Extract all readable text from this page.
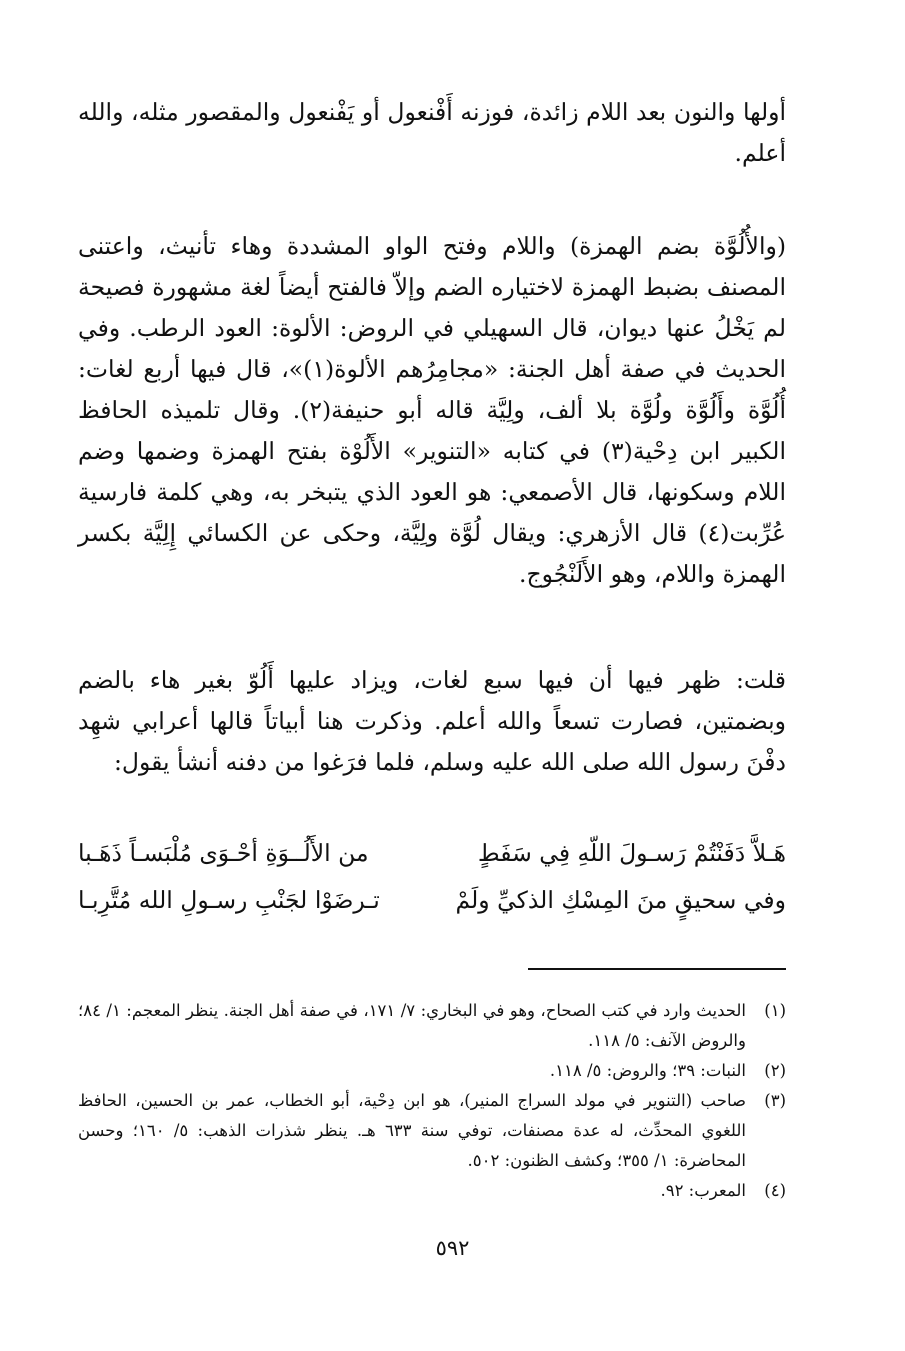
أولها والنون بعد اللام زائدة، فوزنه أَفْنعول أو يَفْنعول والمقصور مثله، والله أعلم.

(والأُلُوَّة بضم الهمزة) واللام وفتح الواو المشددة وهاء تأنيث، واعتنى المصنف بضبط الهمزة لاختياره الضم وإلاّ فالفتح أيضاً لغة مشهورة فصيحة لم يَخْلُ عنها ديوان، قال السهيلي في الروض: الألوة: العود الرطب. وفي الحديث في صفة أهل الجنة: «مجامِرُهم الألوة(١)»، قال فيها أربع لغات: أُلُوَّة وأَلُوَّة ولُوَّة بلا ألف، ولِيَّة قاله أبو حنيفة(٢). وقال تلميذه الحافظ الكبير ابن دِحْية(٣) في كتابه «التنوير» الأَلُوْة بفتح الهمزة وضمها وضم اللام وسكونها، قال الأصمعي: هو العود الذي يتبخر به، وهي كلمة فارسية عُرِّبت(٤) قال الأزهري: ويقال لُوَّة ولِيَّة، وحكى عن الكسائي إِلِيَّة بكسر الهمزة واللام، وهو الأَلَنْجُوج.

قلت: ظهر فيها أن فيها سبع لغات، ويزاد عليها أَلُوّ بغير هاء بالضم وبضمتين، فصارت تسعاً والله أعلم. وذكرت هنا أبياتاً قالها أعرابي شهِد دفْنَ رسول الله صلى الله عليه وسلم، فلما فرَغوا من دفنه أنشأ يقول:

هَـلاَّ دَفَنْتُمْ رَسـولَ اللّهِ فِي سَفَطٍ
من الأَلُــوَةِ أحْـوَى مُلْبَسـاً ذَهَـبا
وفي سحيقٍ منَ المِسْكِ الذكيِّ ولَمْ
تـرضَوْا لجَنْبِ رسـولِ الله مُتَّرِبـا
(١)
الحديث وارد في كتب الصحاح، وهو في البخاري: ٧/ ١٧١، في صفة أهل الجنة. ينظر المعجم: ١/ ٨٤؛ والروض الآنف: ٥/ ١١٨.
(٢)
النبات: ٣٩؛ والروض: ٥/ ١١٨.
(٣)
صاحب (التنوير في مولد السراج المنير)، هو ابن دِحْية، أبو الخطاب، عمر بن الحسين، الحافظ اللغوي المحدِّث، له عدة مصنفات، توفي سنة ٦٣٣ هـ. ينظر شذرات الذهب: ٥/ ١٦٠؛ وحسن المحاضرة: ١/ ٣٥٥؛ وكشف الظنون: ٥٠٢.
(٤)
المعرب: ٩٢.
٥٩٢
